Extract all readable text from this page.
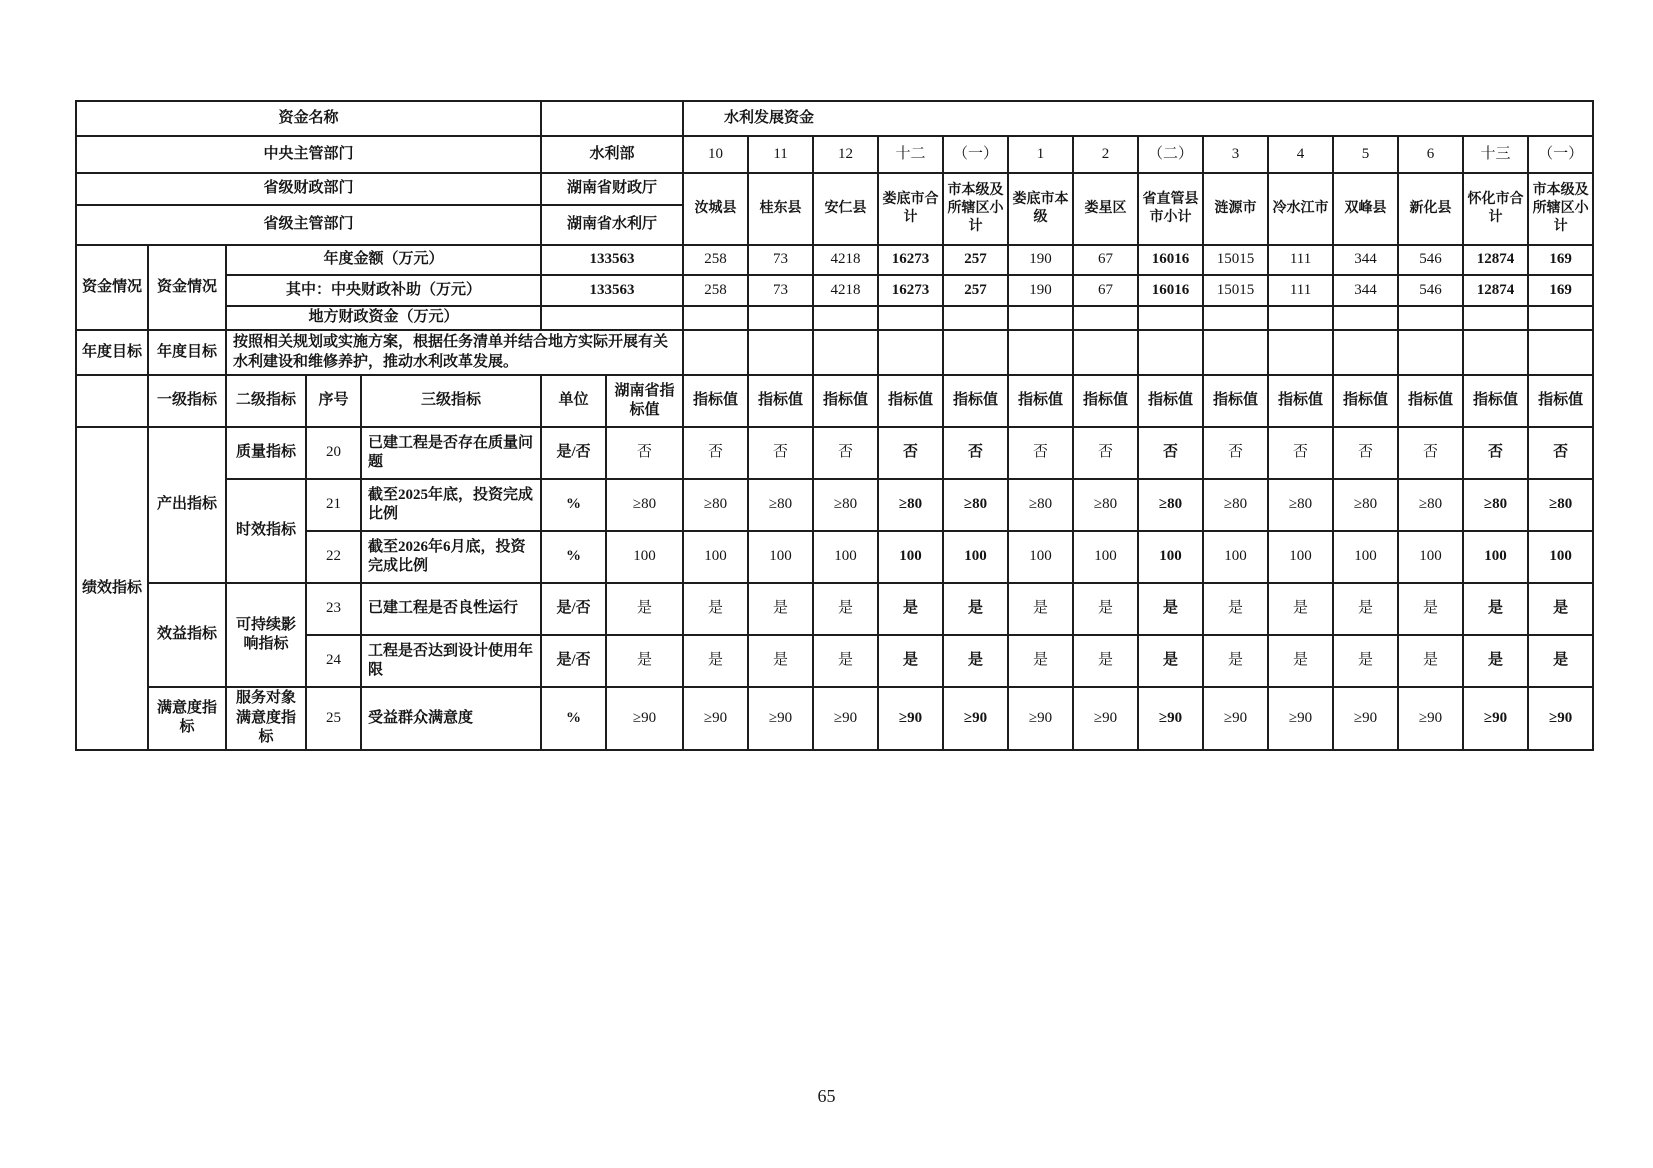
资金名称							水利发展资金													
中央主管部门					水利部		10	11	12	十二	（一）	1	2	（二）	3	4	5	6	十三	（一）
省级财政部门					湖南省财政厅		汝城县	桂东县	安仁县	娄底市合计	市本级及所辖区小计	娄底市本级	娄星区	省直管县市小计	涟源市	冷水江市	双峰县	新化县	怀化市合计	市本级及所辖区小计
省级主管部门					湖南省水利厅															
资金情况	资金情况	年度金额（万元）			133563		258	73	4218	16273	257	190	67	16016	15015	111	344	546	12874	169
		其中：中央财政补助（万元）			133563		258	73	4218	16273	257	190	67	16016	15015	111	344	546	12874	169
		地方财政资金（万元）																		
年度目标	年度目标	按照相关规划或实施方案，根据任务清单并结合地方实际开展有关水利建设和维修养护，推动水利改革发展。																		
	一级指标	二级指标	序号	三级指标	单位	湖南省指标值	指标值	指标值	指标值	指标值	指标值	指标值	指标值	指标值	指标值	指标值	指标值	指标值	指标值	指标值
绩效指标	产出指标	质量指标	20	已建工程是否存在质量问题	是/否	否	否	否	否	否	否	否	否	否	否	否	否	否	否	否
		时效指标	21	截至2025年底，投资完成比例	%	≥80	≥80	≥80	≥80	≥80	≥80	≥80	≥80	≥80	≥80	≥80	≥80	≥80	≥80	≥80
			22	截至2026年6月底，投资完成比例	%	100	100	100	100	100	100	100	100	100	100	100	100	100	100	100
	效益指标	可持续影响指标	23	已建工程是否良性运行	是/否	是	是	是	是	是	是	是	是	是	是	是	是	是	是	是
			24	工程是否达到设计使用年限	是/否	是	是	是	是	是	是	是	是	是	是	是	是	是	是	是
	满意度指标	服务对象满意度指标	25	受益群众满意度	%	≥90	≥90	≥90	≥90	≥90	≥90	≥90	≥90	≥90	≥90	≥90	≥90	≥90	≥90	≥90
65
